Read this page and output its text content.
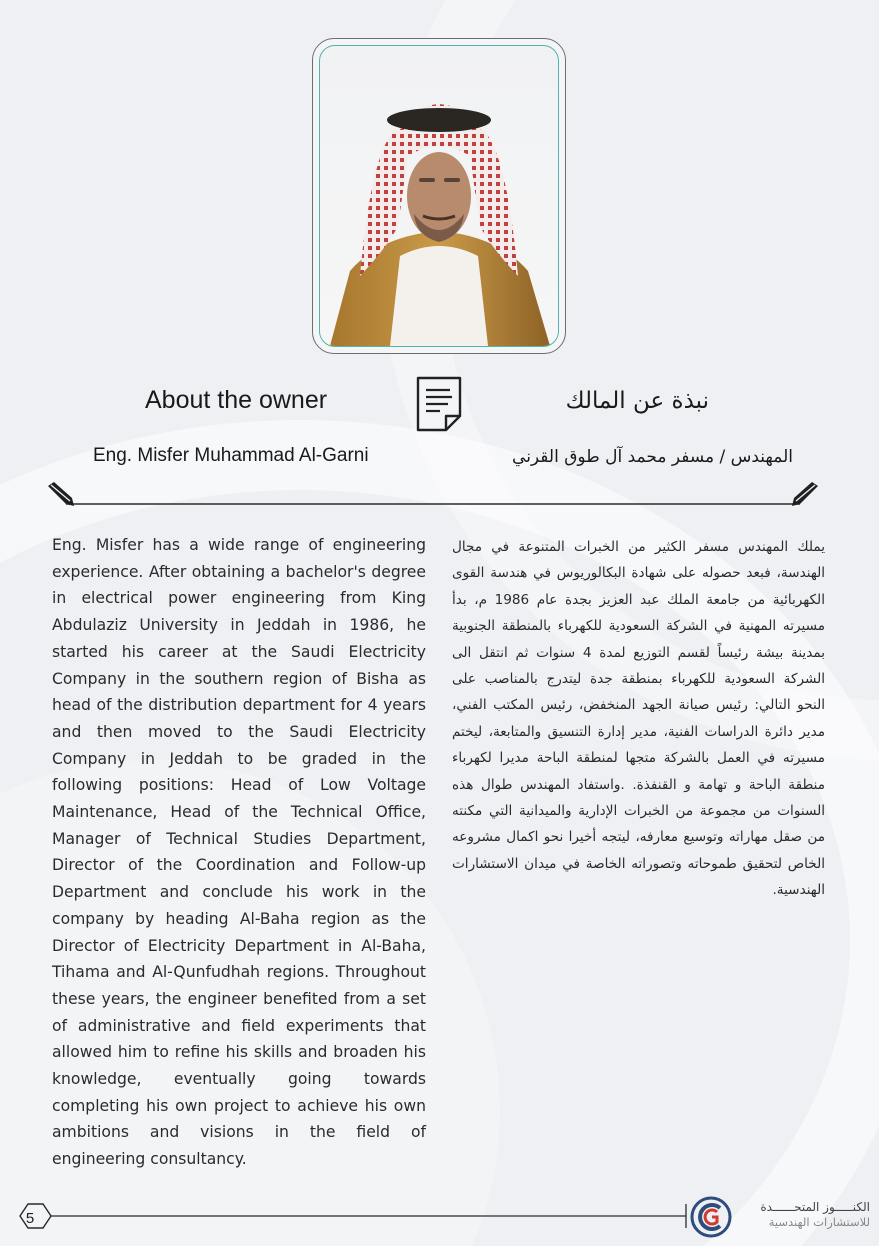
About the owner	نبذة عن المالك
Eng. Misfer Muhammad Al-Garni	المهندس / مسفر محمد آل طوق القرني

Eng. Misfer has a wide range of engineering experience. After obtaining a bachelor's degree in electrical power engineering from King Abdulaziz University in Jeddah in 1986, he started his career at the Saudi Electricity Company in the southern region of Bisha as head of the distribution department for 4 years and then moved to the Saudi Electricity Company in Jeddah to be graded in the following positions: Head of Low Voltage Maintenance, Head of the Technical Office, Manager of Technical Studies Department, Director of the Coordination and Follow-up Department and conclude his work in the company by heading Al-Baha region as the Director of Electricity Department in Al-Baha, Tihama and Al-Qunfudhah regions. Throughout these years, the engineer benefited from a set of administrative and field experiments that allowed him to refine his skills and broaden his knowledge, eventually going towards completing his own project to achieve his own ambitions and visions in the field of engineering consultancy.

يملك المهندس مسفر الكثير من الخبرات المتنوعة في مجال الهندسة، فبعد حصوله على شهادة البكالوريوس في هندسة القوى الكهربائية من جامعة الملك عبد العزيز بجدة عام 1986 م، بدأ مسيرته المهنية في الشركة السعودية للكهرباء بالمنطقة الجنوبية بمدينة بيشة رئيساً لقسم التوزيع لمدة 4 سنوات ثم انتقل الى الشركة السعودية للكهرباء بمنطقة جدة ليتدرج بالمناصب على النحو التالي: رئيس صيانة الجهد المنخفض، رئيس المكتب الفني، مدير دائرة الدراسات الفنية، مدير إدارة التنسيق والمتابعة، ليختم مسيرته في العمل بالشركة متجها لمنطقة الباحة مديرا لكهرباء منطقة الباحة و تهامة و القنفذة. .واستفاد المهندس طوال هذه السنوات من مجموعة من الخبرات الإدارية والميدانية التي مكنته من صقل مهاراته وتوسيع معارفه، ليتجه أخيرا نحو اكمال مشروعه الخاص لتحقيق طموحاته وتصوراته الخاصة في ميدان الاستشارات الهندسية.

5
الكنـــــوز المتحــــــدة
للاستشارات الهندسية
